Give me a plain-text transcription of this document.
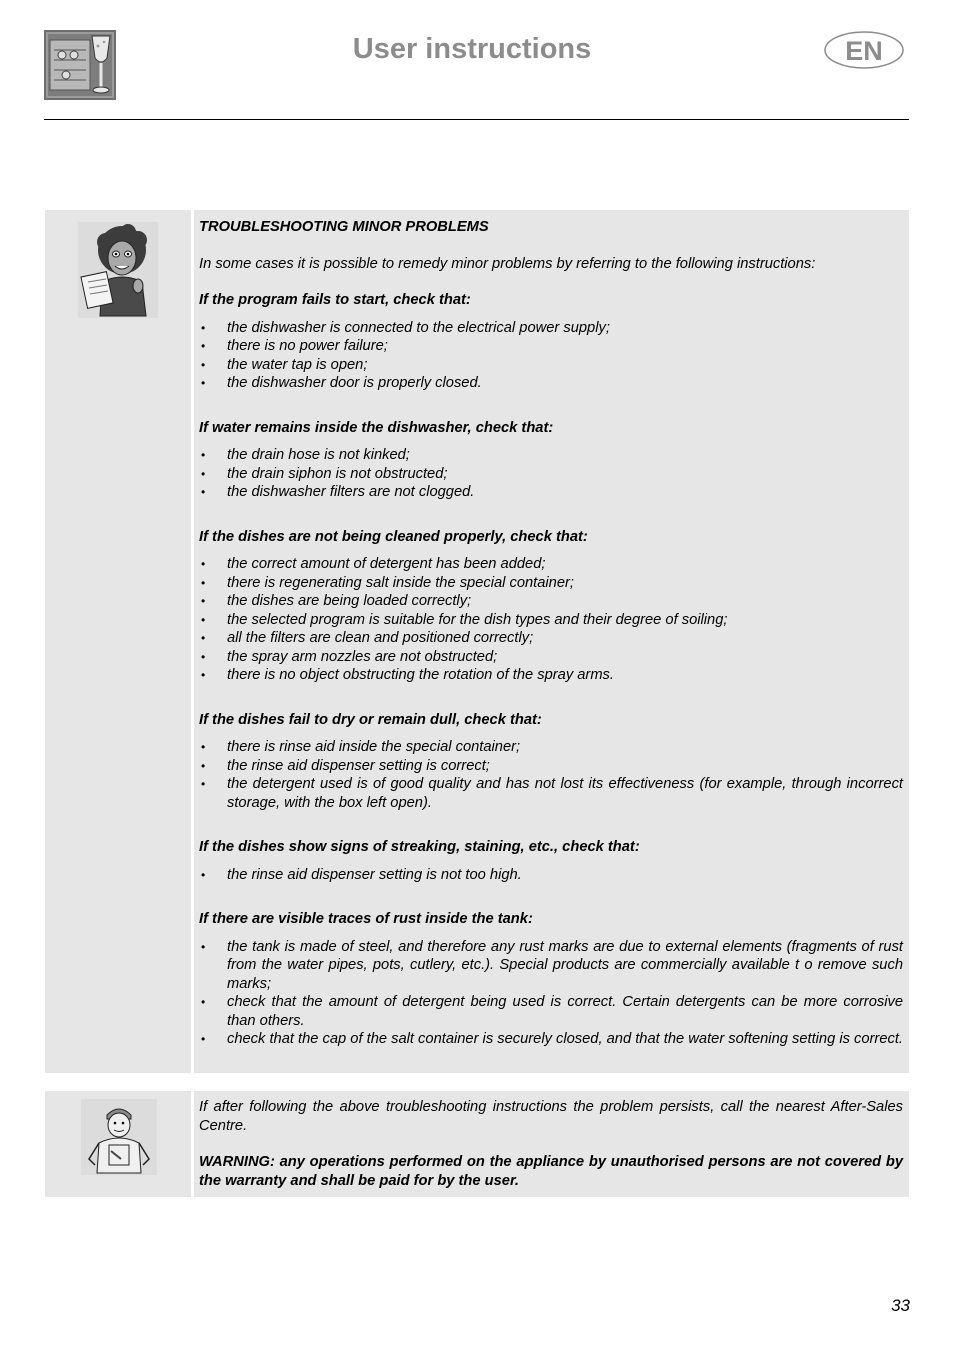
User instructions	EN
TROUBLESHOOTING MINOR PROBLEMS

In some cases it is possible to remedy minor problems by referring to the following instructions:

If the program fails to start, check that:

• the dishwasher is connected to the electrical power supply;
• there is no power failure;
• the water tap is open;
• the dishwasher door is properly closed.

If water remains inside the dishwasher, check that:

• the drain hose is not kinked;
• the drain siphon is not obstructed;
• the dishwasher filters are not clogged.

If the dishes are not being cleaned properly, check that:

• the correct amount of detergent has been added;
• there is regenerating salt inside the special container;
• the dishes are being loaded correctly;
• the selected program is suitable for the dish types and their degree of soiling;
• all the filters are clean and positioned correctly;
• the spray arm nozzles are not obstructed;
• there is no object obstructing the rotation of the spray arms.

If the dishes fail to dry or remain dull, check that:

• there is rinse aid inside the special container;
• the rinse aid dispenser setting is correct;
• the detergent used is of good quality and has not lost its effectiveness (for example, through incorrect storage, with the box left open).

If the dishes show signs of streaking, staining, etc., check that:

• the rinse aid dispenser setting is not too high.

If there are visible traces of rust inside the tank:

• the tank is made of steel, and therefore any rust marks are due to external elements (fragments of rust from the water pipes, pots, cutlery, etc.). Special products are commercially available t o remove such marks;
• check that the amount of detergent being used is correct. Certain detergents can be more corrosive than others.
• check that the cap of the salt container is securely closed, and that the water softening setting is correct.

If after following the above troubleshooting instructions the problem persists, call the nearest After-Sales Centre.

WARNING: any operations performed on the appliance by unauthorised persons are not covered by the warranty and shall be paid for by the user.

33
